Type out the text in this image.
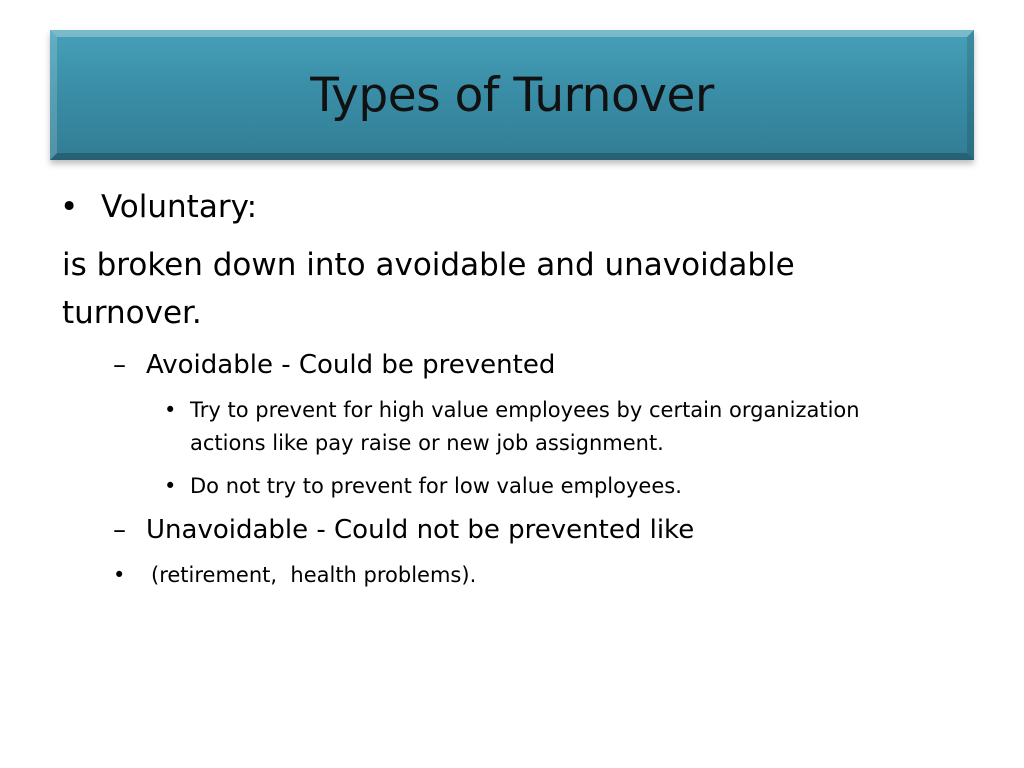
Types of Turnover
• Voluntary:
is broken down into avoidable and unavoidable
turnover.
– Avoidable - Could be prevented
• Try to prevent for high value employees by certain organization
actions like pay raise or new job assignment.
• Do not try to prevent for low value employees.
– Unavoidable - Could not be prevented like
• (retirement,  health problems).
